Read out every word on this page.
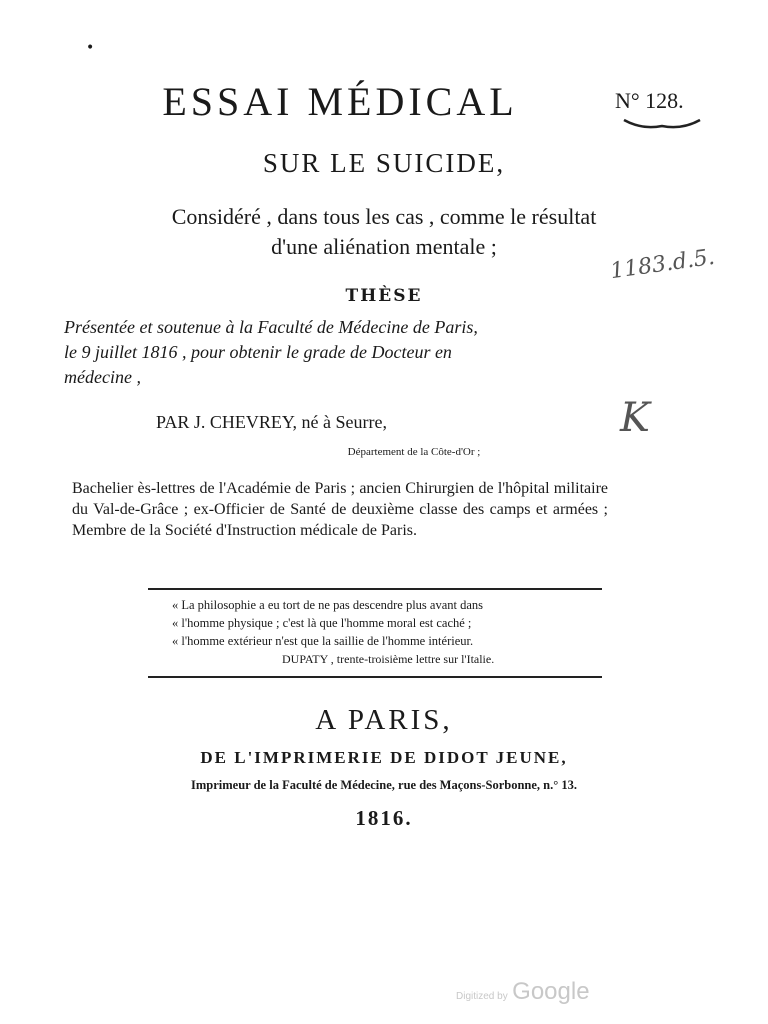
•
ESSAI MÉDICAL	N° 128.
SUR LE SUICIDE,
Considéré , dans tous les cas , comme le résultat
d'une aliénation mentale ;	1183.d.5.
K
THÈSE
Présentée et soutenue à la Faculté de Médecine de Paris,
le 9 juillet 1816 , pour obtenir le grade de Docteur en
médecine ,
PAR J. CHEVREY, né à Seurre,
Département de la Côte-d'Or ;
Bachelier ès-lettres de l'Académie de Paris ; ancien Chirurgien de l'hôpital militaire du Val-de-Grâce ; ex-Officier de Santé de deuxième classe des camps et armées ; Membre de la Société d'Instruction médicale de Paris.
« La philosophie a eu tort de ne pas descendre plus avant dans
« l'homme physique ; c'est là que l'homme moral est caché ;
« l'homme extérieur n'est que la saillie de l'homme intérieur.
DUPATY , trente-troisième lettre sur l'Italie.
A PARIS,
DE L'IMPRIMERIE DE DIDOT JEUNE,
Imprimeur de la Faculté de Médecine, rue des Maçons-Sorbonne, n.° 13.
1816.
Digitized by Google
